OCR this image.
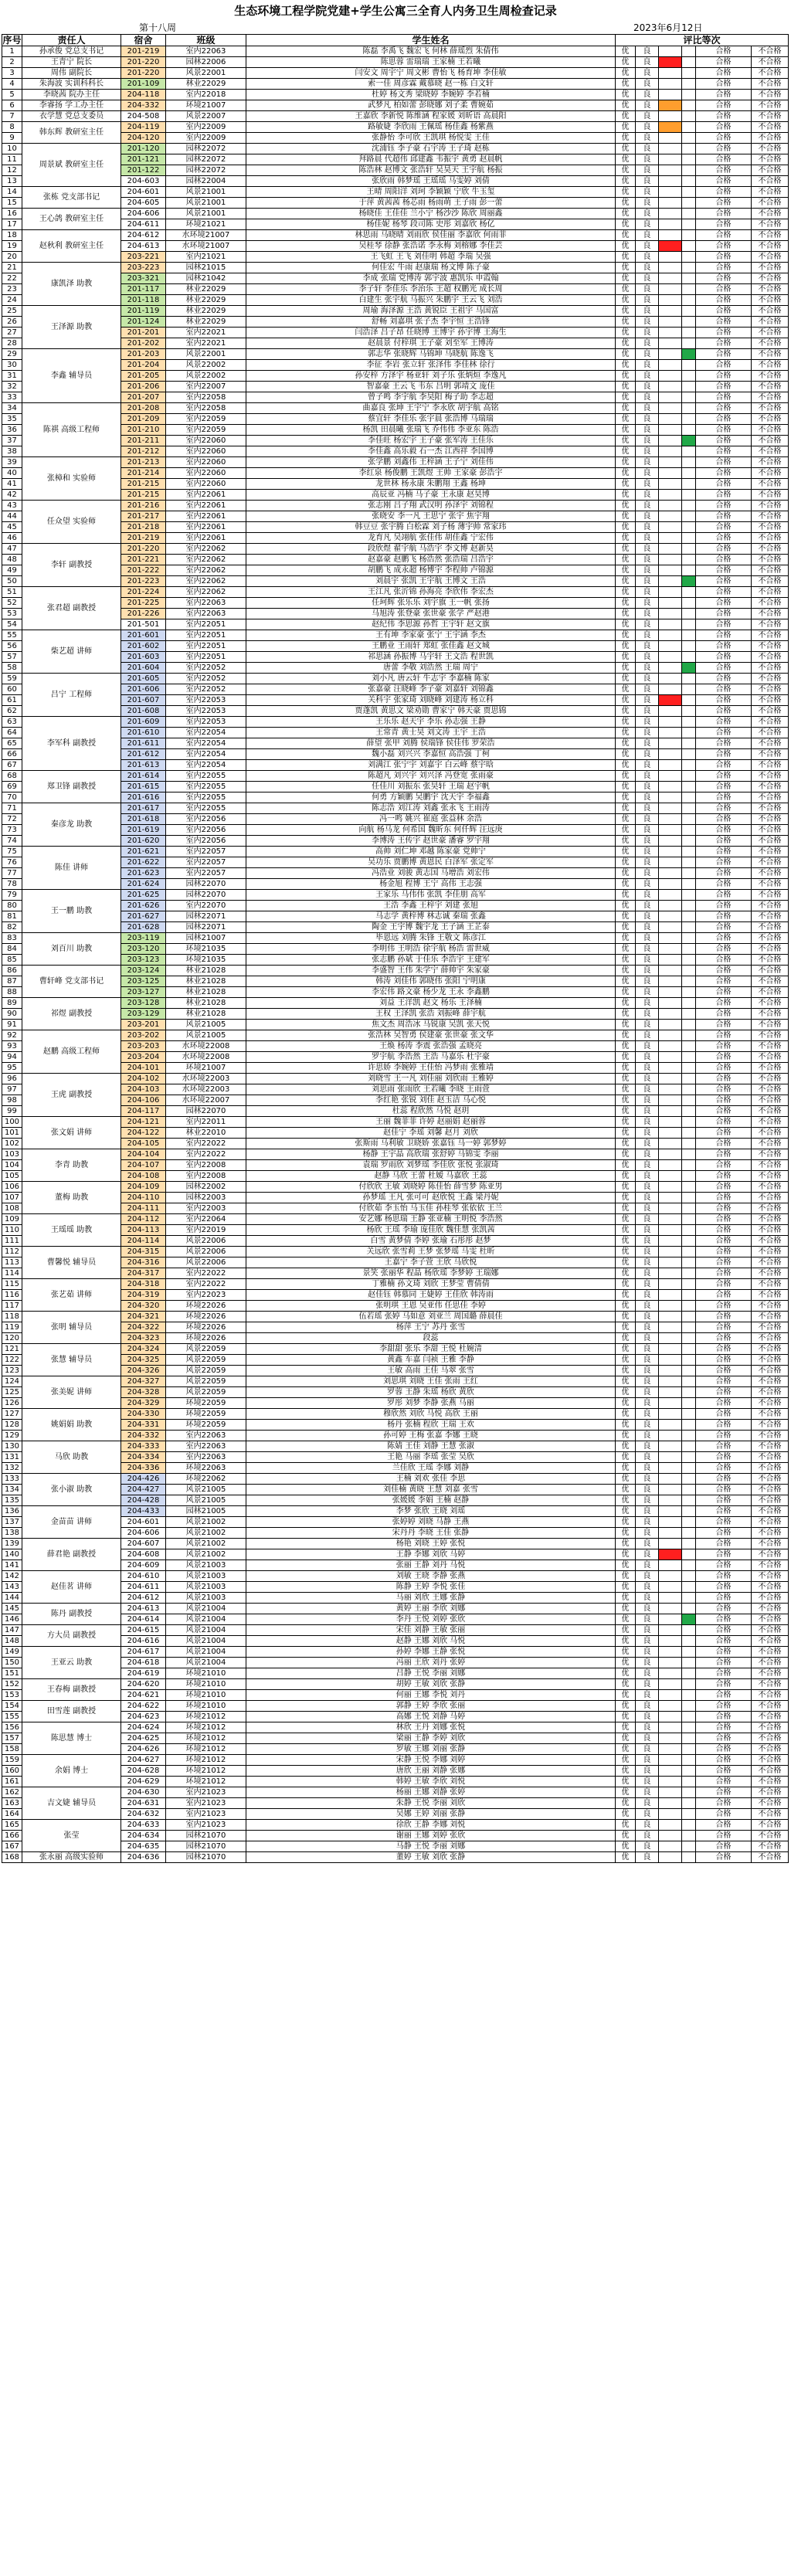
生态环境工程学院党建+学生公寓三全育人内务卫生周检查记录
第十八周	2023年6月12日
序号	责任人	宿舍	班级	学生姓名	评比等次					
1	孙承俊 党总支书记	201-219	室内22063	陈磊 李禹飞 魏宏飞 何林 薛瑶烈 朱倩伟	优	良			合格	不合格
2	王青宁 院长	201-220	园林22006	陈思蓉 雷瑞瑞 王家楠 王若曦	优	良			合格	不合格
3	周伟 副院长	201-220	风景22001	闫安文 周宇宁 周文彬 曹怡飞 杨育坤 李佳敏	优	良			合格	不合格
4	朱海波 实训科科长	201-109	林业22029	索一佳 周彦霖 戴慕晓 赵一栋 白文轩	优	良			合格	不合格
5	李晓茜 院办主任	204-118	室内22018	杜婷 杨文秀 梁晓婷 李婉婷 李若楠	优	良			合格	不合格
6	李睿扬 学工办主任	204-332	环境21007	武梦凡 柏如蕾 彭晓娜 刘子柔 曹婉茹	优	良			合格	不合格
7	衣学慧 党总支委员	204-508	风景22007	王嘉欣 李新悦 陈维涵 程家媛 刘昕语 高晨阳	优	良			合格	不合格
8	韩东辉 教研室主任	204-119	室内22009	路敏婕 李欣雨 王佩瑶 杨佳鑫 杨紫燕	优	良			合格	不合格
9		204-120	室内22009	张静怡 李可欣 王凯琪 杨悦雯 王佳	优	良			合格	不合格
10	周景斌 教研室主任	201-120	园林22072	沈浦钰 李子豪 石宇涛 王子琦 赵栋	优	良			合格	不合格
11		201-121	园林22072	拜路晨 代超伟 邱建鑫 韦振宇 黄勇 赵晨帆	优	良			合格	不合格
12		201-122	园林22072	陈浩林 赵博文 张浩轩 吴昊天 王宇航 杨振	优	良			合格	不合格
13		204-603	园林22004	张欣雨 韩梦瑶 王瑶瑶 马雯婷 刘倩	优	良			合格	不合格
14	张栋 党支部书记	204-601	风景21001	王晴 周阳洋 刘珂 李颖颖 宁欣 牛玉玺	优	良			合格	不合格
15		204-605	风景21001	于萍 黄茜茜 杨芯雨 杨雨萌 王子雨 彭一蕾	优	良			合格	不合格
16	王心鸽 教研室主任	204-606	风景21001	杨晓佳 王佳佳 兰小宁 杨沙沙 陈欣 周丽鑫	优	良			合格	不合格
17		204-611	环境21021	杨佳妮 杨琴 段司陈 史彤 刘嘉欣 杨亿	优	良			合格	不合格
18	赵秋利 教研室主任	204-612	水环境21007	林思雨 马晓晴 刘雨欣 侯佳丽 李嘉欣 何雨菲	优	良			合格	不合格
19		204-613	水环境21007	吴桂琴 徐静 张浩诺 李永梅 刘榕娜 李佳芸	优	良			合格	不合格
20		203-221	室内21021	王飞虹 王飞 刘佳明 韩超 李瑞 吴强	优	良			合格	不合格
21	康凯泽 助教	203-223	园林21015	何佳宏 牛雨 赵康瑞 杨文博 陈子豪	优	良			合格	不合格
22		203-321	园林21042	李成 张瑞 党博涛 郭宇波 惠凯乐 申霞翰	优	良			合格	不合格
23		201-117	林业22029	李子轩 李佳乐 李治乐 王超 权鹏光 成长周	优	良			合格	不合格
24		201-118	林业22029	白建生 张宇航 马振兴 朱鹏宇 王云飞 刘浩	优	良			合格	不合格
25	王泽源 助教	201-119	林业22029	周瑜 海泽源 王浩 黄锐臣 王祖宇 马国富	优	良			合格	不合格
26		201-124	林业22029	舒畅 刘嘉琪 张子杰 李宇恒 王浩锋	优	良			合格	不合格
27		201-201	室内22021	闫浩泽 吕子昂 任晓博 王博宇 孙宇博 王海生	优	良			合格	不合格
28		201-202	室内22021	赵晨景 付梓琪 王子豪 刘至军 王博涛	优	良			合格	不合格
29	李鑫 辅导员	201-203	风景22001	郭志华 张晓辉 马锦坤 马晓航 陈逸飞	优	良			合格	不合格
30		201-204	风景22002	李征 李岩 张立轩 张泽伟 李佳林 徐行	优	良			合格	不合格
31		201-205	风景22002	孙安梓 方泽宇 杨亚轩 刘子乐 张炳烜 李逸凡	优	良			合格	不合格
32		201-206	室内22007	智嘉豪 王云飞 韦东 吕明 郭靖文 庞佳	优	良			合格	不合格
33		201-207	室内22058	曾子鸣 李宇航 李昊阳 梅子助 李志超	优	良			合格	不合格
34	陈祺 高级工程师	201-208	室内22058	曲嘉良 张坤 王宇宁 李永欣 胡宇航 高铭	优	良			合格	不合格
35		201-209	室内22059	蔡宜轩 李佳乐 张宇晨 张浩博 马瑞瑞	优	良			合格	不合格
36		201-210	室内22059	杨凯 田晨曦 张瑞飞 乔伟伟 李亚东 陈浩	优	良			合格	不合格
37		201-211	室内22060	李佳旺 杨宏宇 王子豪 张军涛 王佳乐	优	良			合格	不合格
38		201-212	室内22060	李佳鑫 高乐毅 石一杰 江西祥 李国博	优	良			合格	不合格
39	张樟和 实验师	201-213	室内22060	张学鹏 刘鑫伟 王梓涵 王子宁 刘佳伟	优	良			合格	不合格
40		201-214	室内22060	李红泉 杨俊鹏 王凯煜 王帅 王家豪 彭浩宇	优	良			合格	不合格
41		201-215	室内22060	龙世林 杨永康 朱鹏翔 王鑫 杨坤	优	良			合格	不合格
42		201-215	室内22061	高辰亚 冯楠 马子豪 王永康 赵昊博	优	良			合格	不合格
43	任众望 实验师	201-216	室内22061	张志刚 吕子翔 武汉明 孙泽宇 刘锦程	优	良			合格	不合格
44		201-217	室内22061	张晓安 李一凡 王思宁 张宇 焦宇翔	优	良			合格	不合格
45		201-218	室内22061	韩豆豆 张宇腾 白松霖 刘子杨 薄宇帅 常家玮	优	良			合格	不合格
46		201-219	室内22061	龙育凡 吴翊航 张佳伟 胡佳鑫 宁宏伟	优	良			合格	不合格
47	李轩 副教授	201-220	室内22062	段欣煜 翟宇航 马浩宇 李文博 赵新昊	优	良			合格	不合格
48		201-221	室内22062	赵嘉豪 赵鹏飞 杨浩然 张浩瑞 吕浩宇	优	良			合格	不合格
49		201-222	室内22062	胡鹏飞 成永超 杨博宇 李程帅 卢锦源	优	良			合格	不合格
50		201-223	室内22062	刘晨宇 张凯 王宇航 王博文 王浩	优	良			合格	不合格
51	张君超 副教授	201-224	室内22062	王江凡 张沂锦 孙海亮 李欣伟 李宏杰	优	良			合格	不合格
52		201-225	室内22063	任珂辉 张乐乐 刘宇旗 王一帆 张扬	优	良			合格	不合格
53		201-226	室内22063	马旭涛 张登豪 张世豪 张学 严赵港	优	良			合格	不合格
54		201-501	室内22051	赵纪伟 李思源 孙哲 王宇轩 赵文旗	优	良			合格	不合格
55	柴艺超 讲师	201-601	室内22051	王有坤 李家豪 张宁 王宇涵 李杰	优	良			合格	不合格
56		201-602	室内22051	王鹏业 王雨轩 郑虹 张佳鑫 赵文城	优	良			合格	不合格
57		201-603	室内22051	祁思涵 孙振博 马宇轩 王文浩 程世凯	优	良			合格	不合格
58		201-604	室内22052	唐蕾 李敬 刘浩然 王瑞 周宁	优	良			合格	不合格
59	吕宁 工程师	201-605	室内22052	刘小凡 唐云轩 牛志宇 李嘉楠 陈家	优	良			合格	不合格
60		201-606	室内22052	张嘉豪 汪晓峰 李子豪 刘嘉轩 刘锦鑫	优	良			合格	不合格
61		201-607	室内22053	关科宇 张家琦 刘晓峰 刘建涛 杨立科	优	良			合格	不合格
62		201-608	室内22053	贾蓬凯 黄思文 梁劝勋 曹家宁 韩天豪 贾思锦	优	良			合格	不合格
63	李军科 副教授	201-609	室内22053	王乐乐 赵天宇 李乐 孙志强 王静	优	良			合格	不合格
64		201-610	室内22054	王常青 黄士昊 刘文涛 王宇 王浩	优	良			合格	不合格
65		201-611	室内22054	薛望 张甲 刘腾 侯瑞锋 侯佳伟 罗荣浩	优	良			合格	不合格
66		201-612	室内22054	魏小磊 刘兴兴 李嘉恒 高浩强 丁柯	优	良			合格	不合格
67		201-613	室内22054	刘满江 张宁宇 刘嘉宇 白云峰 蔡宇晗	优	良			合格	不合格
68	郑卫锋 副教授	201-614	室内22055	陈超凡 刘兴宇 刘兴泽 冯登宽 张雨豪	优	良			合格	不合格
69		201-615	室内22055	任佳川 刘振东 张昊轩 王瑞 赵宇帆	优	良			合格	不合格
70		201-616	室内22055	何勇 方颖鹏 吴鹏宇 沈天宇 李福鑫	优	良			合格	不合格
71	秦彦龙 助教	201-617	室内22055	陈志浩 刘江涛 刘鑫 张永飞 王雨涛	优	良			合格	不合格
72		201-618	室内22056	冯一鸣 姚兴 崔庭 张益林 余浩	优	良			合格	不合格
73		201-619	室内22056	向航 杨马龙 何希国 魏昕东 何仟辉 汪远庚	优	良			合格	不合格
74		201-620	室内22056	李博涛 王传宇 赵世豪 潘睿 罗宇翔	优	良			合格	不合格
75	陈佳 讲师	201-621	室内22057	高帅 刘仁坤 邓越 陈家豪 党帅宁	优	良			合格	不合格
76		201-622	室内22057	吴功乐 贾鹏博 黄恩民 白泽军 张定军	优	良			合格	不合格
77		201-623	室内22057	冯浩业 刘骏 黄志国 马增浩 刘宏伟	优	良			合格	不合格
78		201-624	园林22070	杨金旭 程博 王宁 高伟 王志强	优	良			合格	不合格
79	王一鹏 助教	201-625	园林22070	王家乐 马伟伟 张凯 李佳朋 高军	优	良			合格	不合格
80		201-626	室内22070	王浩 李鑫 王梓宇 刘建 张旭	优	良			合格	不合格
81		201-627	园林22071	马志学 黄梓博 林志诚 秦瑞 张鑫	优	良			合格	不合格
82		201-628	园林22071	陶金 王宇博 魏宇龙 王子涵 王芷泰	优	良			合格	不合格
83	刘百川 助教	203-119	园林21007	毕恩远 刘腾 朱锋 王敬文 陈彦江	优	良			合格	不合格
84		203-120	环境21035	李明伟 王明浩 徐宇航 杨浩 雷世威	优	良			合格	不合格
85		203-123	环境21035	张志鹏 孙斌 于佳乐 李浩宇 王建军	优	良			合格	不合格
86	曹轩峰 党支部书记	203-124	林业21028	李盛智 王伟 朱学宁 薛帅宇 朱家豪	优	良			合格	不合格
87		203-125	林业21028	韩涛 刘佳伟 郭晓伟 张阳 宁明康	优	良			合格	不合格
88		203-127	林业21028	李宏伟 路文豪 杨少龙 王永 李鑫鹏	优	良			合格	不合格
89	祁煜 副教授	203-128	林业21028	刘益 王洋凯 赵文 杨乐 王泽楠	优	良			合格	不合格
90		203-129	林业21028	王权 王泽凯 张浩 刘振峰 薛宇航	优	良			合格	不合格
91		203-201	风景21005	焦文杰 周浩冰 马锐康 吴凯 张天悦	优	良			合格	不合格
92	赵鹏 高级工程师	203-202	风景21005	张浩林 吴智勇 侯建豪 张世豪 张文华	优	良			合格	不合格
93		203-203	水环境22008	王焕 杨涛 李震 张浩强 孟晓亮	优	良			合格	不合格
94		203-204	水环境22008	罗宇航 李浩然 王浩 马嘉乐 杜宇豪	优	良			合格	不合格
95		204-101	环境21007	许思娇 李婉婷 王佳怡 冯梦雨 张雅靖	优	良			合格	不合格
96	王虎 副教授	204-102	水环境22003	刘晓雪 王一凡 刘佳丽 刘欣雨 王雅婷	优	良			合格	不合格
97		204-103	水环境22003	刘思雨 张雨欣 王若曦 李晓 王雨萱	优	良			合格	不合格
98		204-106	水环境22007	李红艳 张锐 刘佳 赵玉洁 马心悦	优	良			合格	不合格
99		204-117	园林22070	杜蕊 程欣然 马悦 赵玥	优	良			合格	不合格
100	张文娟 讲师	204-121	室内22011	王丽 魏菲菲 许婷 赵丽娟 赵丽蓉	优	良			合格	不合格
101		204-122	林业22010	赵佳宁 李瑶 刘馨 赵月 刘欣	优	良			合格	不合格
102		204-105	室内22022	张斯雨 马利敏 卫晓娇 张嘉钰 马一婷 郭梦婷	优	良			合格	不合格
103	李青 助教	204-104	室内22022	杨静 王宇晶 高欣瑞 张舒婷 马锦雯 李丽	优	良			合格	不合格
104		204-107	室内22008	袁瑞 罗雨欣 刘梦瑶 李佳欣 张悦 张淑琦	优	良			合格	不合格
105		204-108	室内22008	赵静 马欣 王蕾 杜嫒 马嘉欣 王蕊	优	良			合格	不合格
106	董梅 助教	204-109	园林22002	付欣欣 王敏 刘晓婷 陈佳怡 薛雪梦 陈亚男	优	良			合格	不合格
107		204-110	园林22003	孙梦瑶 王凡 张可可 赵欣悦 王鑫 梁丹妮	优	良			合格	不合格
108		204-111	室内22003	付欣茹 李玉怡 马玉佳 孙桂琴 张依依 王兰	优	良			合格	不合格
109	王瑶瑶 助教	204-112	室内22064	安艺娜 杨思瑞 王静 张亚楠 王明悦 李浩然	优	良			合格	不合格
110		204-113	室内22019	杨欣 王瑶 李瑜 庞佳欣 魏佳慧 张凯茜	优	良			合格	不合格
111		204-114	风景22006	白雪 黄梦倩 李婷 张瑜 石彤彤 赵梦	优	良			合格	不合格
112	曹馨悦 辅导员	204-315	风景22006	关远欣 张雪莉 王梦 张梦瑶 马雯 杜昕	优	良			合格	不合格
113		204-316	风景22006	王嘉宁 李子萱 王欣 马欣悦	优	良			合格	不合格
114		204-317	室内22022	景笑 张丽华 程晶 杨欣瑶 李梦婷 王瑞娜	优	良			合格	不合格
115	张艺茹 讲师	204-318	室内22022	丁雅楠 孙文琦 刘欣 王梦莹 曹倩倩	优	良			合格	不合格
116		204-319	室内22023	赵佳钰 韩慕同 王婕婷 王佳欣 韩涛雨	优	良			合格	不合格
117		204-320	环境22026	张明琪 王恩 吴亚伟 任思佳 李婷	优	良			合格	不合格
118	张明 辅导员	204-321	环境22026	伍若瑶 张婷 马如意 刘亚兰 周国璐 薛晨佳	优	良			合格	不合格
119		204-322	环境22026	杨萍 王宁 苏丹 张雪	优	良			合格	不合格
120		204-323	环境22026	段蕊	优	良			合格	不合格
121	张慧 辅导员	204-324	风景22059	李甜甜 张乐 李甜 王悦 杜婉清	优	良			合格	不合格
122		204-325	风景22059	黄鑫 车嘉 闫祯 王雅 李静	优	良			合格	不合格
123		204-326	风景22059	王敏 高雨 王佳 马翠 张雪	优	良			合格	不合格
124	张美妮 讲师	204-327	风景22059	刘思琪 刘晓 王佳 张雨 王红	优	良			合格	不合格
125		204-328	风景22059	罗蓉 王静 朱瑶 杨欣 黄欣	优	良			合格	不合格
126		204-329	环境22059	罗彤 刘梦 李静 张燕 马丽	优	良			合格	不合格
127	姚娟娟 助教	204-330	环境22059	穆欣然 刘欣 马悦 高欣 王丽	优	良			合格	不合格
128		204-331	环境22059	杨丹 张楠 程欣 王瑞 王欢	优	良			合格	不合格
129		204-332	室内22063	孙可婷 王梅 张嘉 李娜 王晓	优	良			合格	不合格
130	马欣 助教	204-333	室内22063	陈婧 王佳 刘静 王慧 张淑	优	良			合格	不合格
131		204-334	室内22063	王艳 马丽 李瑶 张莹 吴欣	优	良			合格	不合格
132		204-336	环境22063	兰佳欣 王瑶 李娜 刘静	优	良			合格	不合格
133	张小淑 助教	204-426	环境22062	王楠 刘欢 张佳 李思	优	良			合格	不合格
134		204-427	风景21005	刘佳楠 黄晓 王慧 刘嘉 张雪	优	良			合格	不合格
135		204-428	风景21005	张媛媛 李娟 王楠 赵静	优	良			合格	不合格
136	金苗苗 讲师	204-433	园林21005	李梦 张欣 王晓 刘瑶	优	良			合格	不合格
137		204-601	风景21002	张婷婷 刘晓 马静 王燕	优	良			合格	不合格
138		204-606	风景21002	宋丹丹 李晓 王佳 张静	优	良			合格	不合格
139	薛君艳 副教授	204-607	风景21002	杨艳 刘晓 王婷 张悦	优	良			合格	不合格
140		204-608	风景21002	王静 李娜 刘欣 马婷	优	良			合格	不合格
141		204-609	风景21003	张丽 王静 刘丹 马悦	优	良			合格	不合格
142	赵佳茗 讲师	204-610	风景21003	刘敏 王晓 李静 张燕	优	良			合格	不合格
143		204-611	风景21003	陈静 王婷 李悦 张佳	优	良			合格	不合格
144		204-612	风景21003	马丽 刘欣 王娜 张静	优	良			合格	不合格
145	陈丹 副教授	204-613	风景21004	黄婷 王丽 李欣 刘娜	优	良			合格	不合格
146		204-614	风景21004	李丹 王悦 刘婷 张欣	优	良			合格	不合格
147	方大员 副教授	204-615	风景21004	宋佳 刘静 王敏 张丽	优	良			合格	不合格
148		204-616	风景21004	赵静 王娜 刘欣 马悦	优	良			合格	不合格
149	王亚云 助教	204-617	风景21004	孙婷 李娜 王静 张悦	优	良			合格	不合格
150		204-618	风景21004	冯丽 王欣 刘丹 张婷	优	良			合格	不合格
151		204-619	环境21010	吕静 王悦 李丽 刘娜	优	良			合格	不合格
152	王春梅 副教授	204-620	环境21010	胡婷 王敏 刘欣 张静	优	良			合格	不合格
153		204-621	环境21010	何丽 王娜 李悦 刘丹	优	良			合格	不合格
154	田雪莲 副教授	204-622	环境21010	郭静 王婷 李欣 张丽	优	良			合格	不合格
155		204-623	环境21012	高娜 王悦 刘静 马婷	优	良			合格	不合格
156	陈思慧 博士	204-624	环境21012	林欣 王丹 刘娜 张悦	优	良			合格	不合格
157		204-625	环境21012	梁丽 王静 李婷 刘欣	优	良			合格	不合格
158		204-626	环境21012	罗敏 王娜 刘丽 张静	优	良			合格	不合格
159	余娟 博士	204-627	环境21012	宋静 王悦 李娜 刘婷	优	良			合格	不合格
160		204-628	环境21012	唐欣 王丽 刘静 张娜	优	良			合格	不合格
161		204-629	环境21012	韩婷 王敏 李欣 刘悦	优	良			合格	不合格
162	吉文婕 辅导员	204-630	室内21023	杨丽 王娜 刘静 张婷	优	良			合格	不合格
163		204-631	室内21023	朱静 王悦 李丽 刘欣	优	良			合格	不合格
164		204-632	室内21023	吴娜 王婷 刘丽 张静	优	良			合格	不合格
165	张莹	204-633	室内21023	徐欣 王静 李娜 刘悦	优	良			合格	不合格
166		204-634	园林21070	谢丽 王娜 刘婷 张欣	优	良			合格	不合格
167		204-635	园林21070	马静 王悦 李丽 刘娜	优	良			合格	不合格
168	张永丽 高级实验师	204-636	园林21070	董婷 王敏 刘欣 张静	优	良			合格	不合格
